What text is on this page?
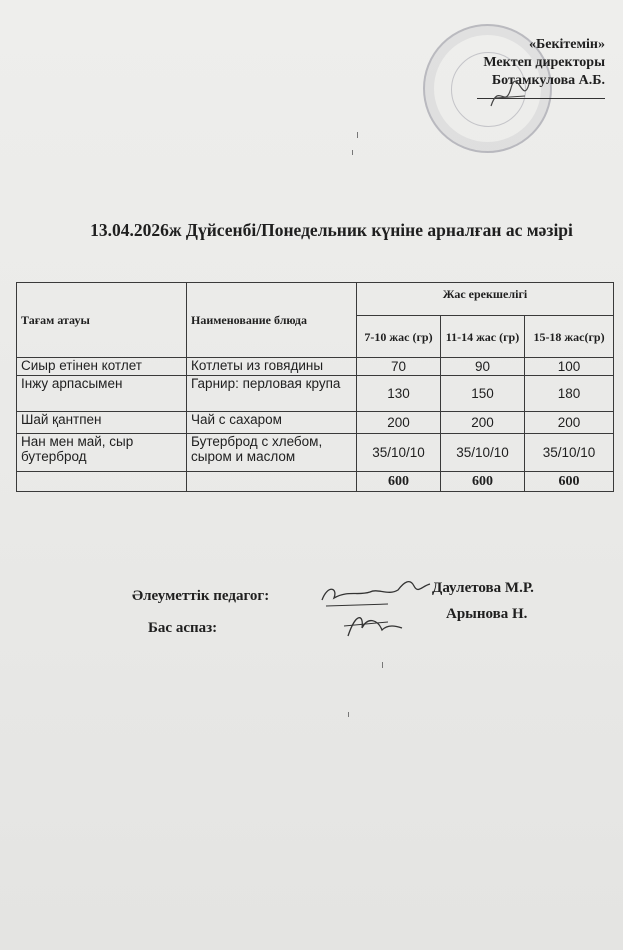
«Бекітемін»
Мектеп директоры
Ботамкулова А.Б.
13.04.2026ж Дүйсенбі/Понедельник күніне арналған ас мәзірі
Тағам атауы	Наименование блюда	Жас ерекшелігі		
		7-10 жас (гр)	11-14 жас (гр)	15-18 жас(гр)
Сиыр етінен котлет	Котлеты из говядины	70	90	100
Інжу арпасымен	Гарнир: перловая крупа	130	150	180
Шай қантпен	Чай с сахаром	200	200	200
Нан мен май, сыр бутерброд	Бутерброд с хлебом, сыром и маслом	35/10/10	35/10/10	35/10/10
		600	600	600
Әлеуметтік педагог:	Даулетова М.Р.
Бас аспаз:
Арынова Н.
